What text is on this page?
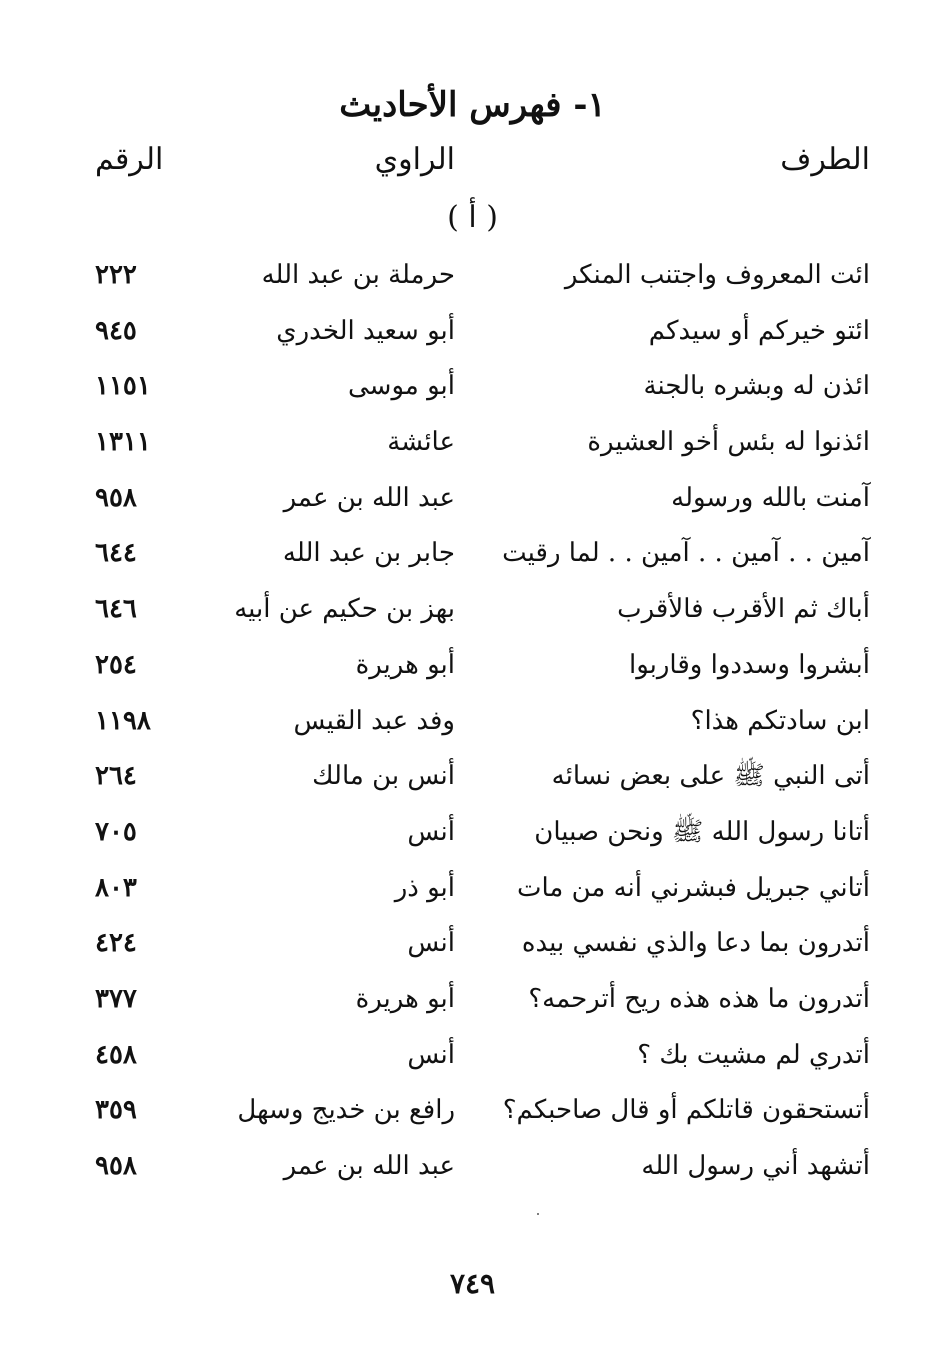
١- فهرس الأحاديث
الطرف
الراوي
الرقم
( أ )
ائت المعروف واجتنب المنكر
حرملة بن عبد الله
٢٢٢
ائتو خيركم أو سيدكم
أبو سعيد الخدري
٩٤٥
ائذن له وبشره بالجنة
أبو موسى
١١٥١
ائذنوا له بئس أخو العشيرة
عائشة
١٣١١
آمنت بالله ورسوله
عبد الله بن عمر
٩٥٨
آمين . . آمين . . آمين . . لما رقيت
جابر بن عبد الله
٦٤٤
أباك ثم الأقرب فالأقرب
بهز بن حكيم عن أبيه
٦٤٦
أبشروا وسددوا وقاربوا
أبو هريرة
٢٥٤
ابن سادتكم هذا؟
وفد عبد القيس
١١٩٨
أتى النبي ﷺ على بعض نسائه
أنس بن مالك
٢٦٤
أتانا رسول الله ﷺ ونحن صبيان
أنس
٧٠٥
أتاني جبريل فبشرني أنه من مات
أبو ذر
٨٠٣
أتدرون بما دعا والذي نفسي بيده
أنس
٤٢٤
أتدرون ما هذه هذه ريح أترحمه؟
أبو هريرة
٣٧٧
أتدري لم مشيت بك ؟
أنس
٤٥٨
أتستحقون قاتلكم أو قال صاحبكم؟
رافع بن خديج وسهل
٣٥٩
أتشهد أني رسول الله
عبد الله بن عمر
٩٥٨
٧٤٩
